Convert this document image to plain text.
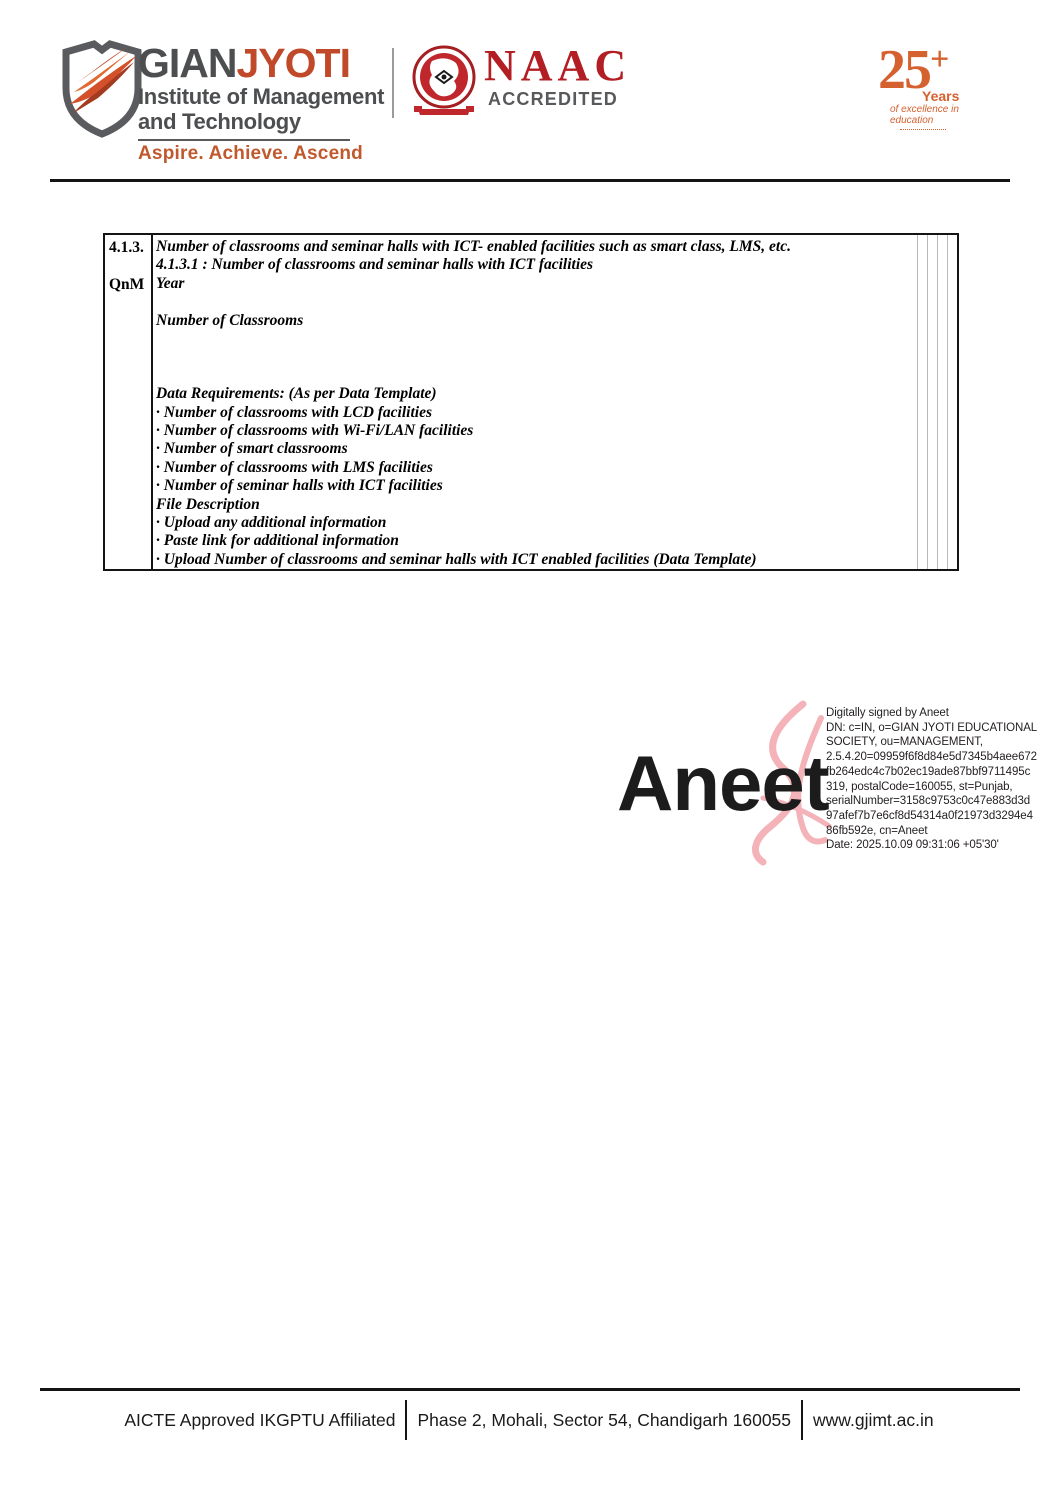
GIANJYOTI
Institute of Management
and Technology
Aspire. Achieve. Ascend
NAAC
ACCREDITED	25+
Years
of excellence in
education
4.1.3.
QnM
Number of classrooms and seminar halls with ICT- enabled facilities such as smart class, LMS, etc.
4.1.3.1 : Number of classrooms and seminar halls with ICT facilities
Year
Number of Classrooms
Data Requirements: (As per Data Template)
· Number of classrooms with LCD facilities
· Number of classrooms with Wi-Fi/LAN facilities
· Number of smart classrooms
· Number of classrooms with LMS facilities
· Number of seminar halls with ICT facilities
File Description
· Upload any additional information
· Paste link for additional information
· Upload Number of classrooms and seminar halls with ICT enabled facilities (Data Template)
Aneet
Digitally signed by Aneet
DN: c=IN, o=GIAN JYOTI EDUCATIONAL
SOCIETY, ou=MANAGEMENT,
2.5.4.20=09959f6f8d84e5d7345b4aee672
fb264edc4c7b02ec19ade87bbf9711495c
319, postalCode=160055, st=Punjab,
serialNumber=3158c9753c0c47e883d3d
97afef7b7e6cf8d54314a0f21973d3294e4
86fb592e, cn=Aneet
Date: 2025.10.09 09:31:06 +05'30'
AICTE Approved IKGPTU Affiliated Phase 2, Mohali, Sector 54, Chandigarh 160055 www.gjimt.ac.in
